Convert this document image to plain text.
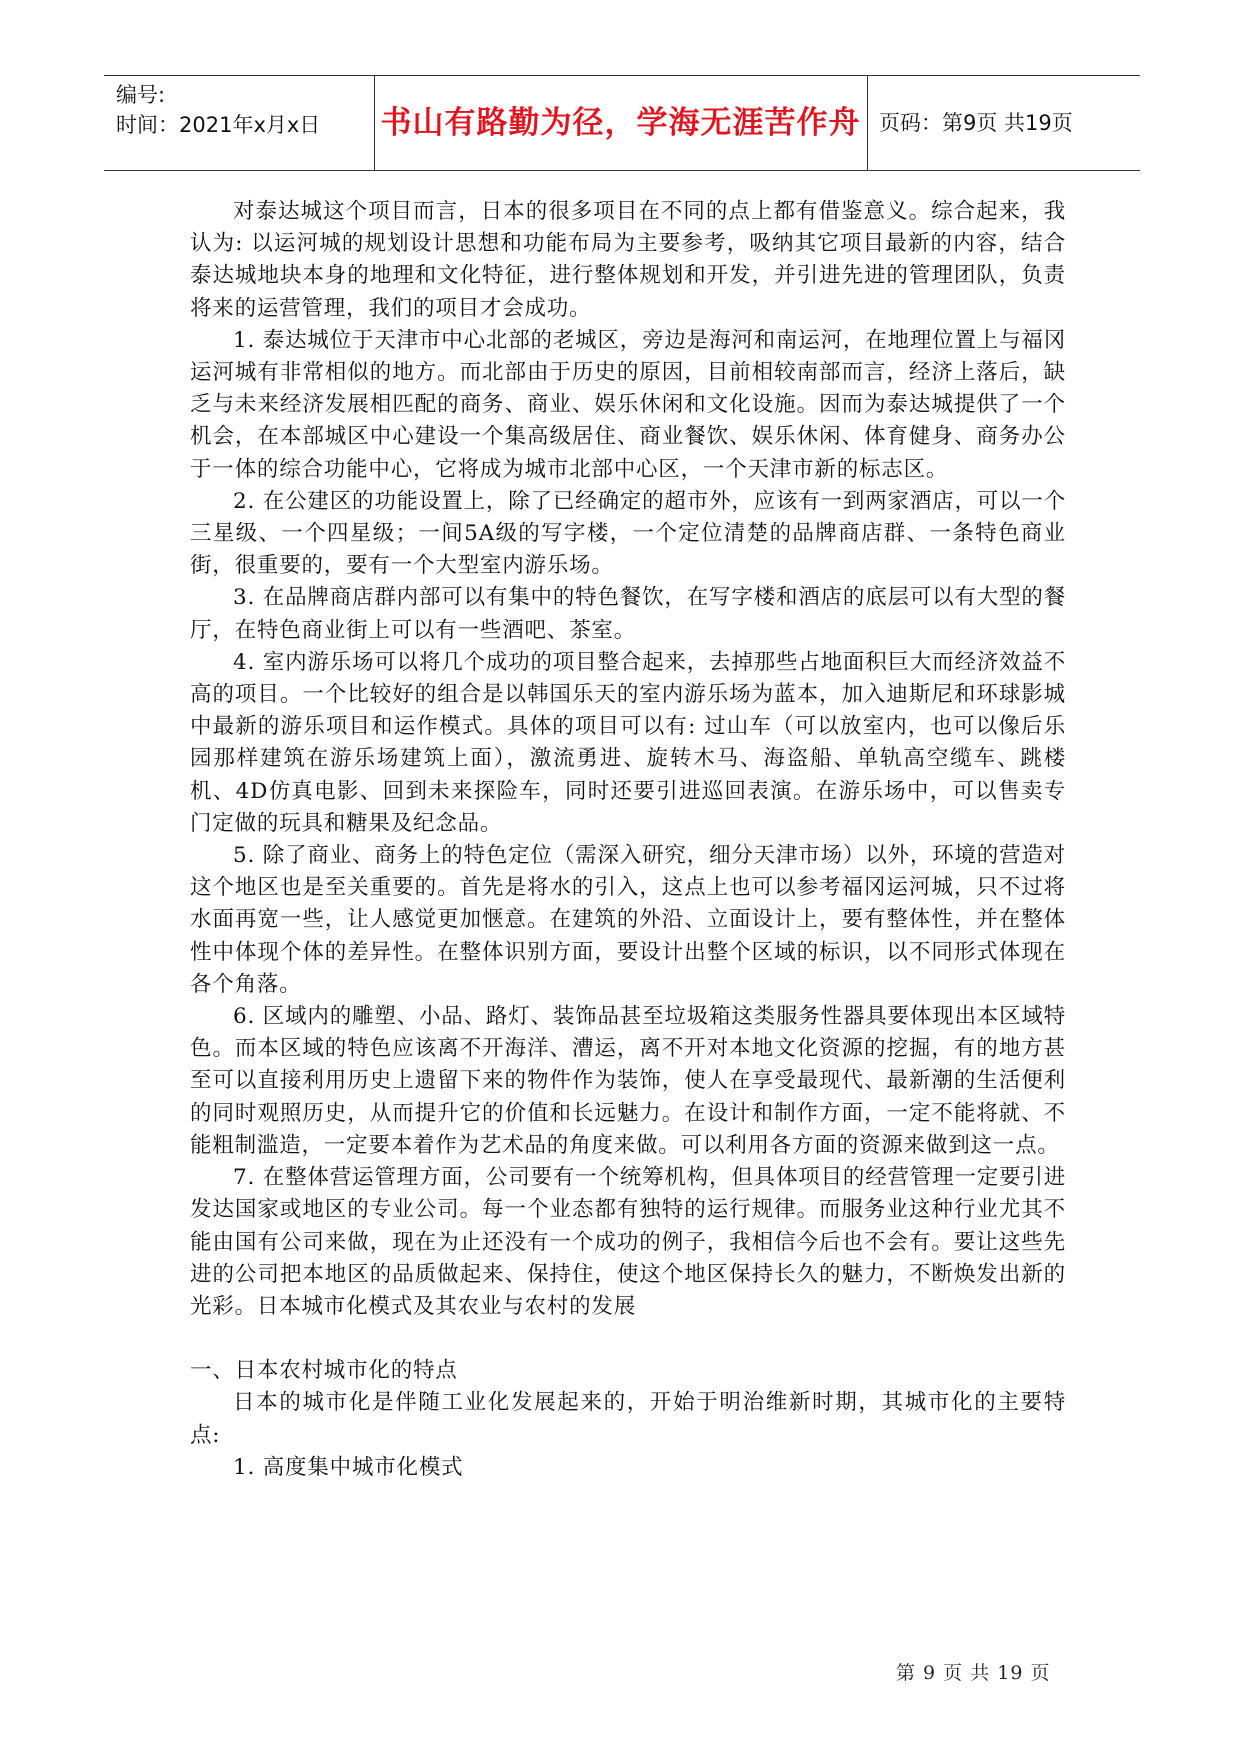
编号:
时间：2021年x月x日	书山有路勤为径，学海无涯苦作舟 页码：第9页 共19页

对泰达城这个项目而言，日本的很多项目在不同的点上都有借鉴意义。综合起来，我认为: 以运河城的规划设计思想和功能布局为主要参考，吸纳其它项目最新的内容，结合泰达城地块本身的地理和文化特征，进行整体规划和开发，并引进先进的管理团队，负责将来的运营管理，我们的项目才会成功。

1. 泰达城位于天津市中心北部的老城区，旁边是海河和南运河，在地理位置上与福冈运河城有非常相似的地方。而北部由于历史的原因，目前相较南部而言，经济上落后，缺乏与未来经济发展相匹配的商务、商业、娱乐休闲和文化设施。因而为泰达城提供了一个机会，在本部城区中心建设一个集高级居住、商业餐饮、娱乐休闲、体育健身、商务办公于一体的综合功能中心，它将成为城市北部中心区，一个天津市新的标志区。

2. 在公建区的功能设置上，除了已经确定的超市外，应该有一到两家酒店，可以一个三星级、一个四星级；一间5A级的写字楼，一个定位清楚的品牌商店群、一条特色商业街，很重要的，要有一个大型室内游乐场。

3. 在品牌商店群内部可以有集中的特色餐饮，在写字楼和酒店的底层可以有大型的餐厅，在特色商业街上可以有一些酒吧、茶室。

4. 室内游乐场可以将几个成功的项目整合起来，去掉那些占地面积巨大而经济效益不高的项目。一个比较好的组合是以韩国乐天的室内游乐场为蓝本，加入迪斯尼和环球影城中最新的游乐项目和运作模式。具体的项目可以有: 过山车（可以放室内，也可以像后乐园那样建筑在游乐场建筑上面），激流勇进、旋转木马、海盗船、单轨高空缆车、跳楼机、4D仿真电影、回到未来探险车，同时还要引进巡回表演。在游乐场中，可以售卖专门定做的玩具和糖果及纪念品。

5. 除了商业、商务上的特色定位（需深入研究，细分天津市场）以外，环境的营造对这个地区也是至关重要的。首先是将水的引入，这点上也可以参考福冈运河城，只不过将水面再宽一些，让人感觉更加惬意。在建筑的外沿、立面设计上，要有整体性，并在整体性中体现个体的差异性。在整体识别方面，要设计出整个区域的标识，以不同形式体现在各个角落。

6. 区域内的雕塑、小品、路灯、装饰品甚至垃圾箱这类服务性器具要体现出本区域特色。而本区域的特色应该离不开海洋、漕运，离不开对本地文化资源的挖掘，有的地方甚至可以直接利用历史上遗留下来的物件作为装饰，使人在享受最现代、最新潮的生活便利的同时观照历史，从而提升它的价值和长远魅力。在设计和制作方面，一定不能将就、不能粗制滥造，一定要本着作为艺术品的角度来做。可以利用各方面的资源来做到这一点。

7. 在整体营运管理方面，公司要有一个统筹机构，但具体项目的经营管理一定要引进发达国家或地区的专业公司。每一个业态都有独特的运行规律。而服务业这种行业尤其不能由国有公司来做，现在为止还没有一个成功的例子，我相信今后也不会有。要让这些先进的公司把本地区的品质做起来、保持住，使这个地区保持长久的魅力，不断焕发出新的光彩。日本城市化模式及其农业与农村的发展

一、日本农村城市化的特点

日本的城市化是伴随工业化发展起来的，开始于明治维新时期，其城市化的主要特点:

1. 高度集中城市化模式

第 9 页 共 19 页
